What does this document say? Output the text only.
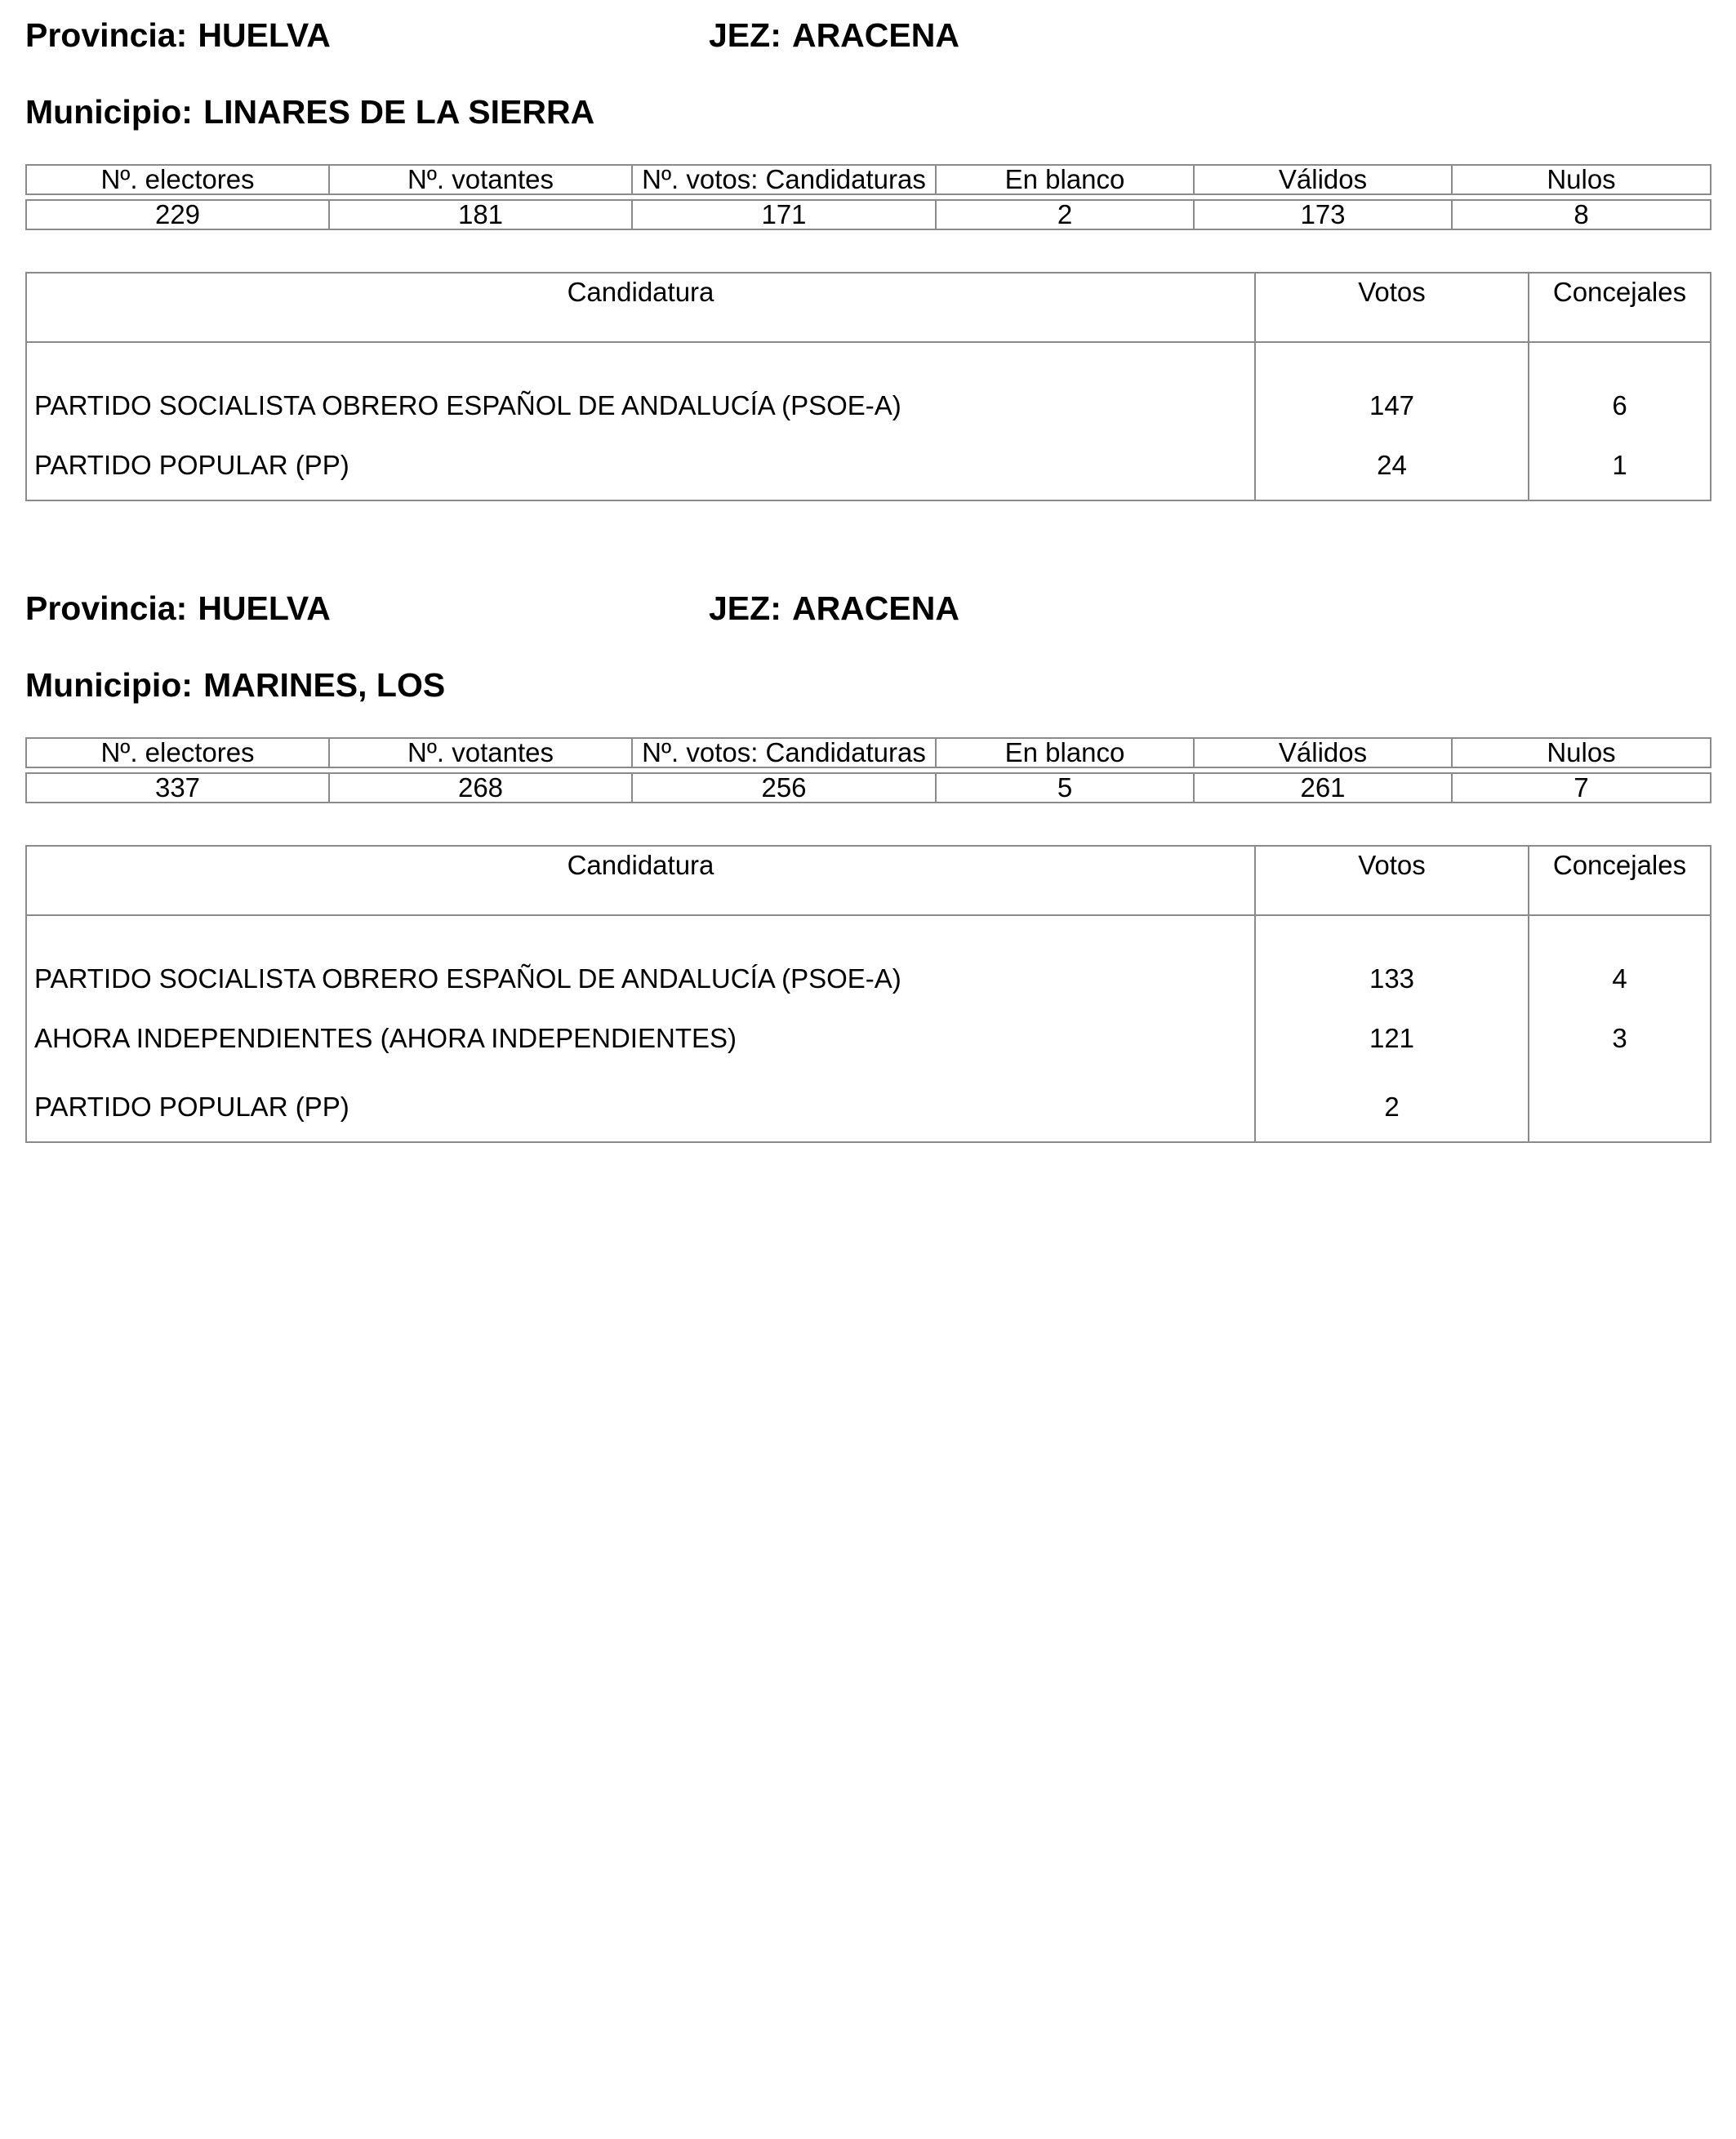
Provincia: HUELVA	JEZ: ARACENA
Municipio: LINARES DE LA SIERRA
Nº. electores	Nº. votantes	Nº. votos: Candidaturas	En blanco	Válidos	Nulos

229	181	171	2	173	8
Candidatura	Votos	Concejales
PARTIDO SOCIALISTA OBRERO ESPAÑOL DE ANDALUCÍA (PSOE-A)	147	6
PARTIDO POPULAR (PP)	24	1
Provincia: HUELVA	JEZ: ARACENA
Municipio: MARINES, LOS
Nº. electores	Nº. votantes	Nº. votos: Candidaturas	En blanco	Válidos	Nulos

337	268	256	5	261	7
Candidatura	Votos	Concejales
PARTIDO SOCIALISTA OBRERO ESPAÑOL DE ANDALUCÍA (PSOE-A)	133	4
AHORA INDEPENDIENTES (AHORA INDEPENDIENTES)	121	3
PARTIDO POPULAR (PP)	2	
